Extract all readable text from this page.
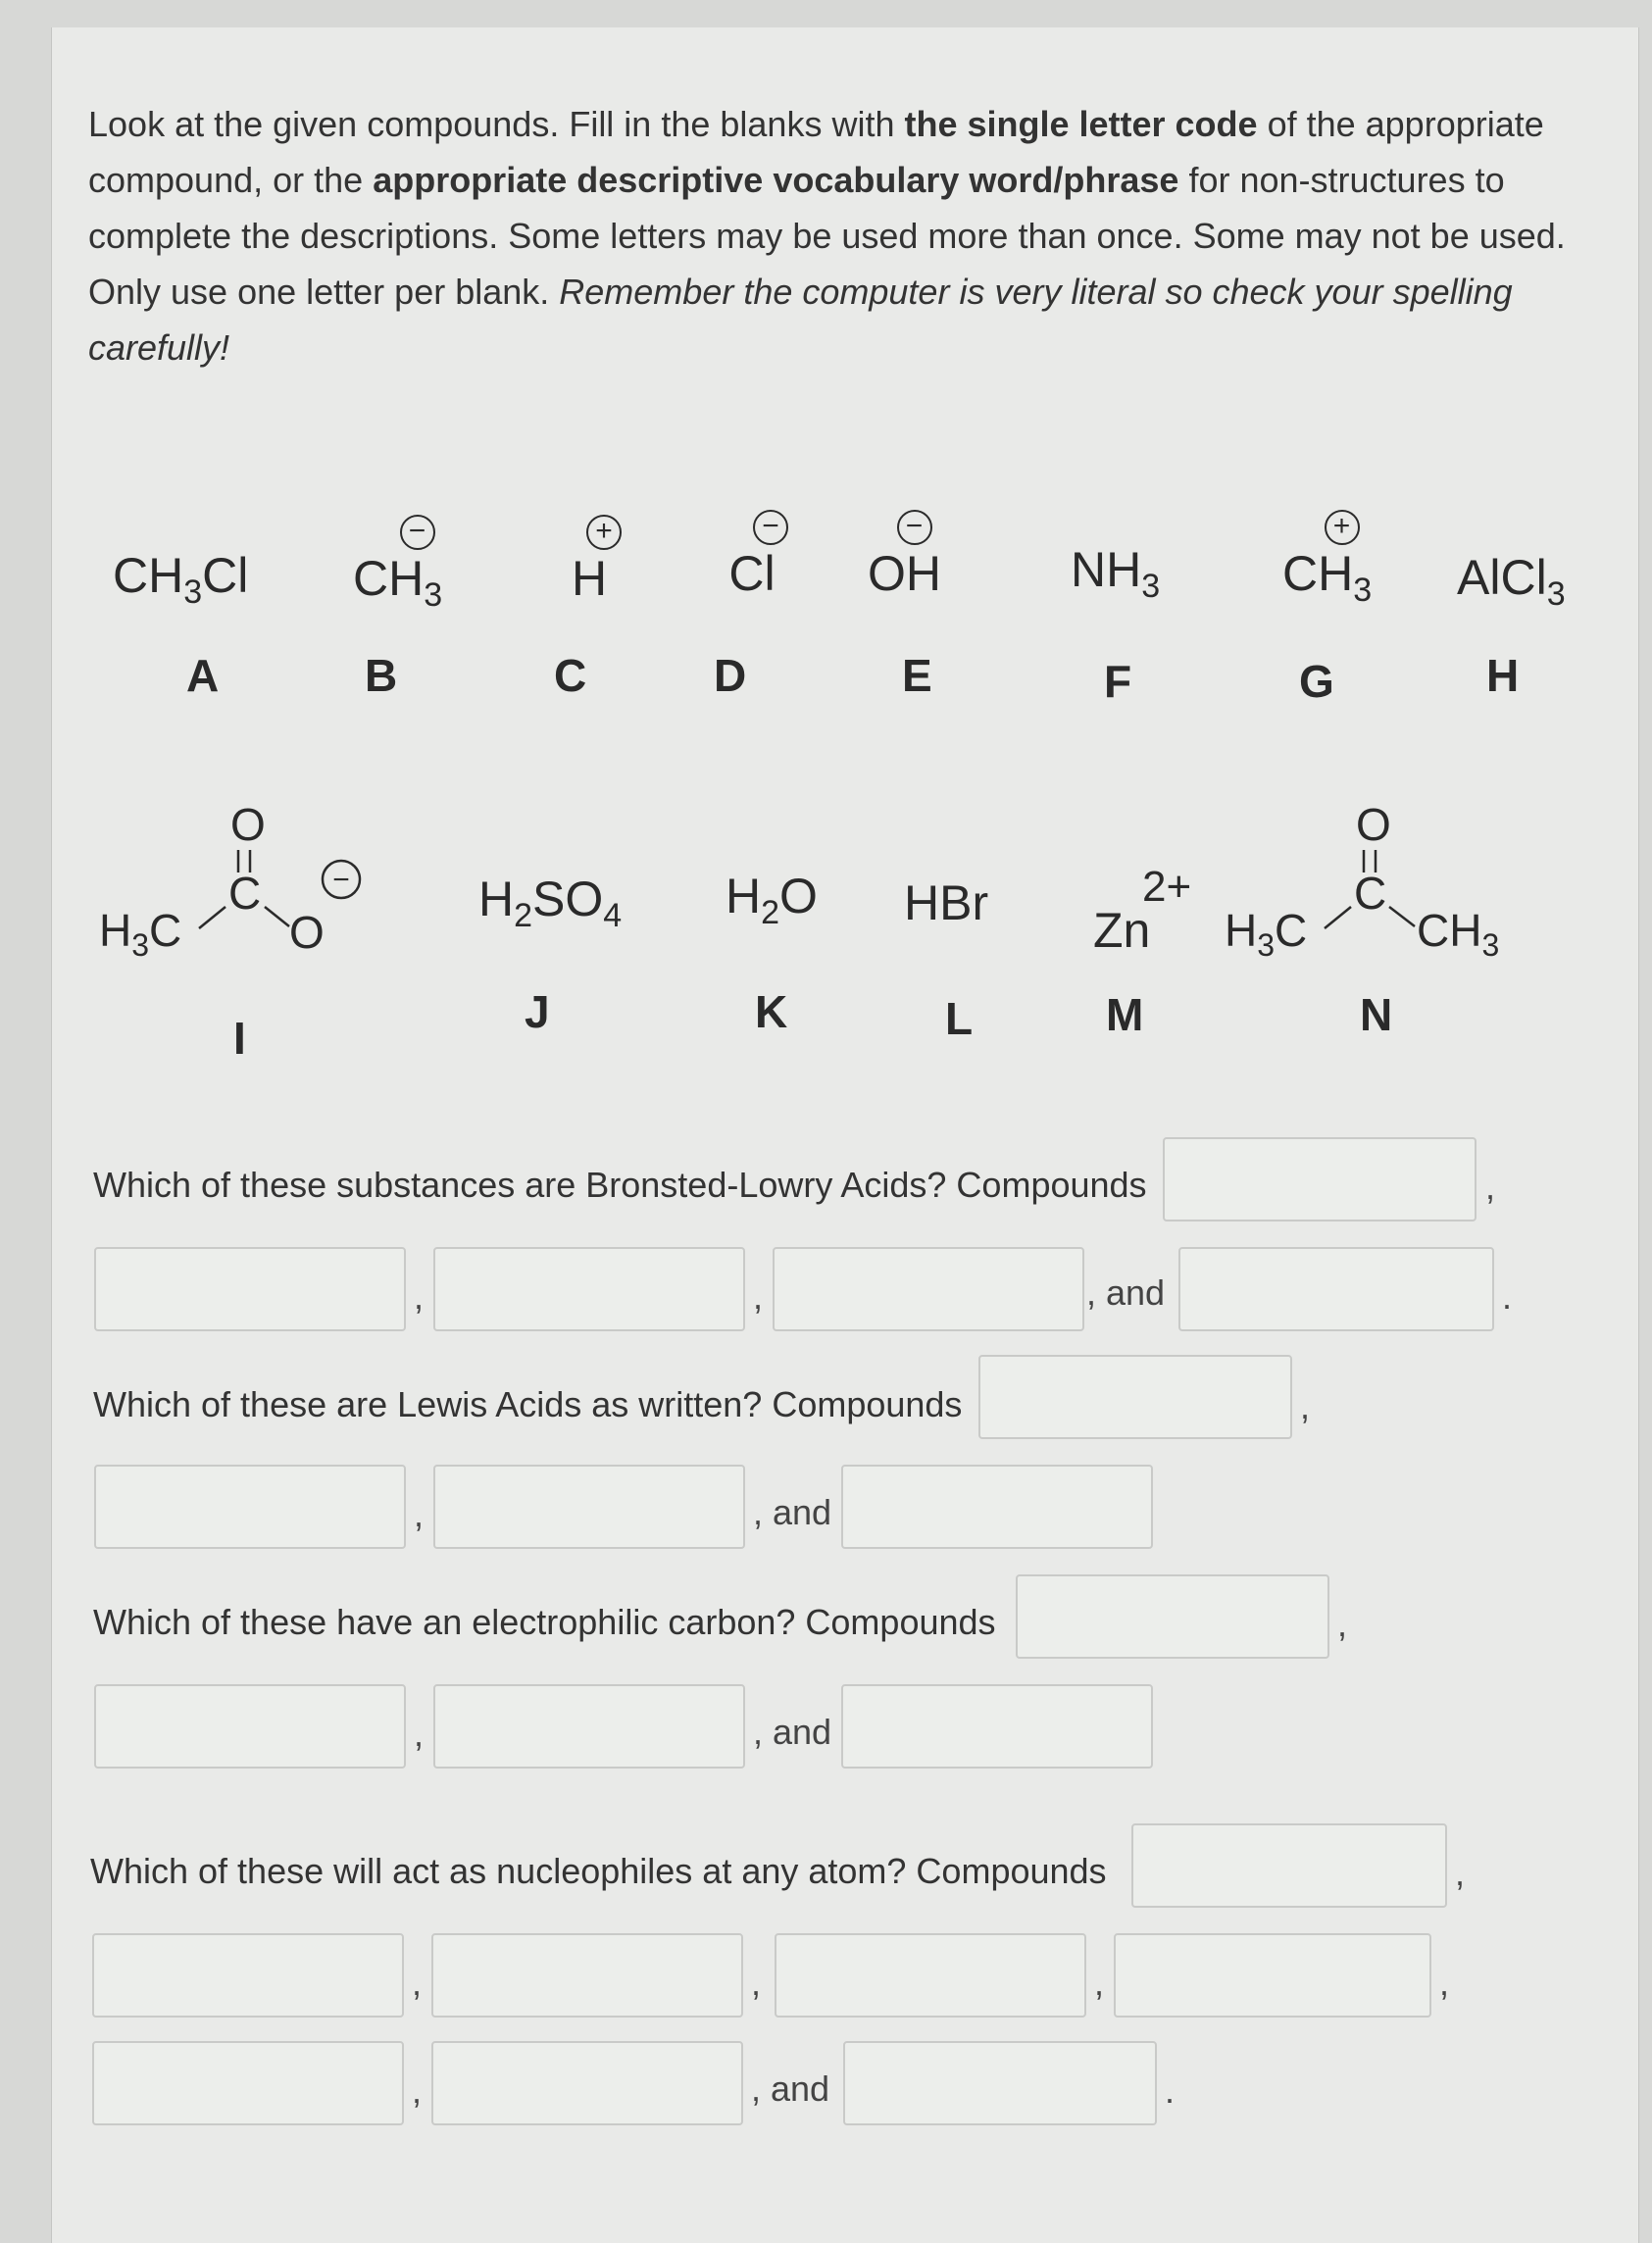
Look at the given compounds. Fill in the blanks with the single letter code of the appropriate compound, or the appropriate descriptive vocabulary word/phrase for non-structures to complete the descriptions. Some letters may be used more than once. Some may not be used. Only use one letter per blank. Remember the computer is very literal so check your spelling carefully!
$CH_3Cl$
A
−
$CH_3$
B
+
H
C
−
Cl
D
−
OH
E
$NH_3$
F
+
$CH_3$
G
AlCl$_3$
H
O
C
$H_3C$ O
−
I
$H_2SO_4$
J
$H_2O$
K
HBr
L
2+
Zn
M
O
C
$H_3C$ $CH_3$
N
Which of these substances are Bronsted-Lowry Acids? Compounds	,
,	,	, and	.
Which of these are Lewis Acids as written? Compounds	,
,	, and
Which of these have an electrophilic carbon? Compounds	,
,	, and
Which of these will act as nucleophiles at any atom? Compounds	,
,	,	,	,
,	, and	.
